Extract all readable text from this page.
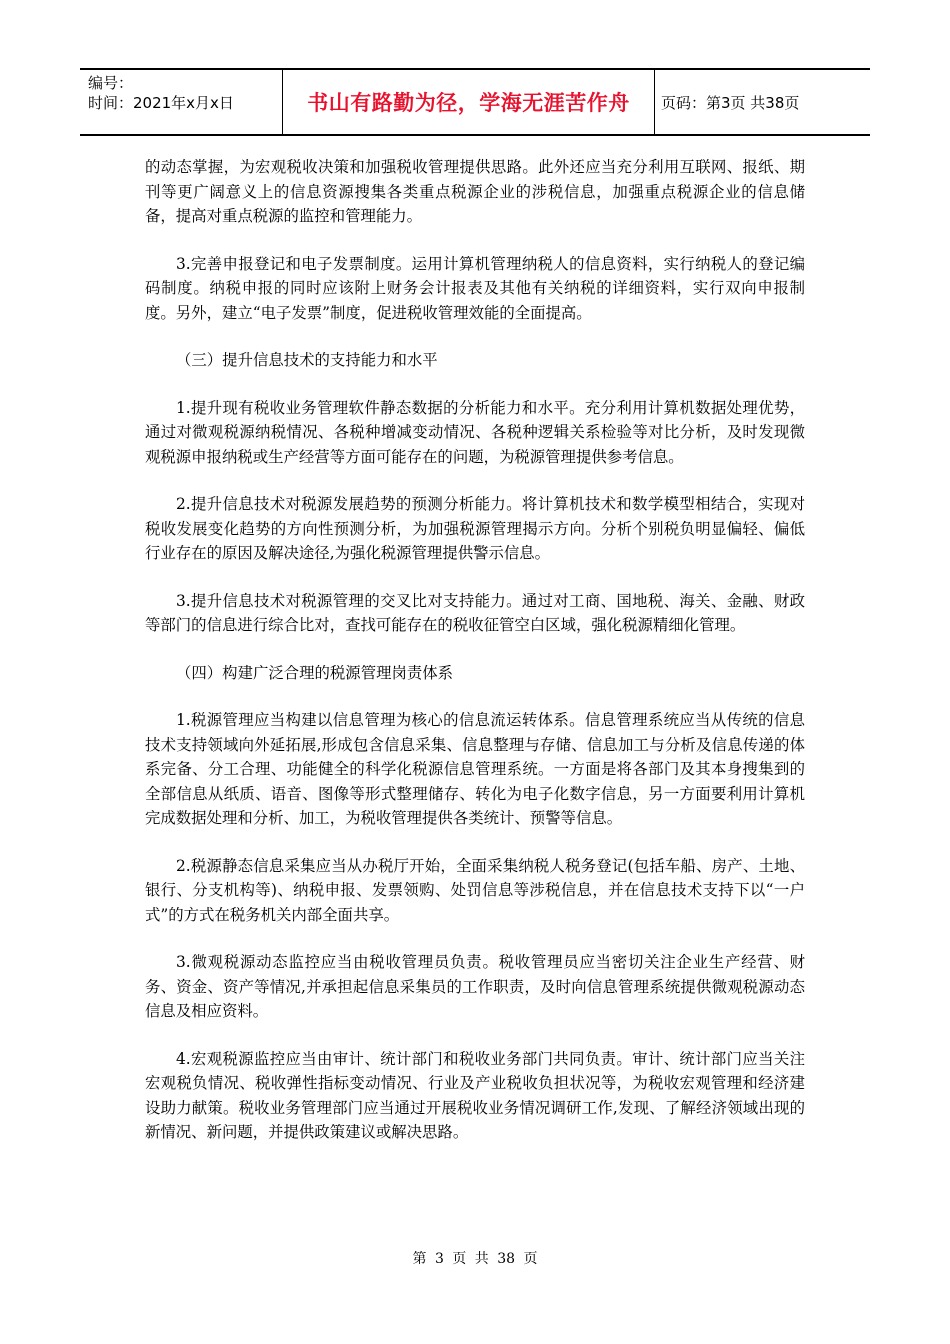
编号：
时间：2021年x月x日	书山有路勤为径，学海无涯苦作舟	页码：第3页 共38页

的动态掌握，为宏观税收决策和加强税收管理提供思路。此外还应当充分利用互联网、报纸、期刊等更广阔意义上的信息资源搜集各类重点税源企业的涉税信息，加强重点税源企业的信息储备，提高对重点税源的监控和管理能力。

3.完善申报登记和电子发票制度。运用计算机管理纳税人的信息资料，实行纳税人的登记编码制度。纳税申报的同时应该附上财务会计报表及其他有关纳税的详细资料，实行双向申报制度。另外，建立“电子发票”制度，促进税收管理效能的全面提高。

（三）提升信息技术的支持能力和水平

1.提升现有税收业务管理软件静态数据的分析能力和水平。充分利用计算机数据处理优势，通过对微观税源纳税情况、各税种增减变动情况、各税种逻辑关系检验等对比分析，及时发现微观税源申报纳税或生产经营等方面可能存在的问题，为税源管理提供参考信息。

2.提升信息技术对税源发展趋势的预测分析能力。将计算机技术和数学模型相结合，实现对税收发展变化趋势的方向性预测分析，为加强税源管理揭示方向。分析个别税负明显偏轻、偏低行业存在的原因及解决途径,为强化税源管理提供警示信息。

3.提升信息技术对税源管理的交叉比对支持能力。通过对工商、国地税、海关、金融、财政等部门的信息进行综合比对，查找可能存在的税收征管空白区域，强化税源精细化管理。

（四）构建广泛合理的税源管理岗责体系

1.税源管理应当构建以信息管理为核心的信息流运转体系。信息管理系统应当从传统的信息技术支持领域向外延拓展,形成包含信息采集、信息整理与存储、信息加工与分析及信息传递的体系完备、分工合理、功能健全的科学化税源信息管理系统。一方面是将各部门及其本身搜集到的全部信息从纸质、语音、图像等形式整理储存、转化为电子化数字信息，另一方面要利用计算机完成数据处理和分析、加工，为税收管理提供各类统计、预警等信息。

2.税源静态信息采集应当从办税厅开始，全面采集纳税人税务登记(包括车船、房产、土地、银行、分支机构等)、纳税申报、发票领购、处罚信息等涉税信息，并在信息技术支持下以“一户式”的方式在税务机关内部全面共享。

3.微观税源动态监控应当由税收管理员负责。税收管理员应当密切关注企业生产经营、财务、资金、资产等情况,并承担起信息采集员的工作职责，及时向信息管理系统提供微观税源动态信息及相应资料。

4.宏观税源监控应当由审计、统计部门和税收业务部门共同负责。审计、统计部门应当关注宏观税负情况、税收弹性指标变动情况、行业及产业税收负担状况等，为税收宏观管理和经济建设助力献策。税收业务管理部门应当通过开展税收业务情况调研工作,发现、了解经济领域出现的新情况、新问题，并提供政策建议或解决思路。

第 3 页 共 38 页
